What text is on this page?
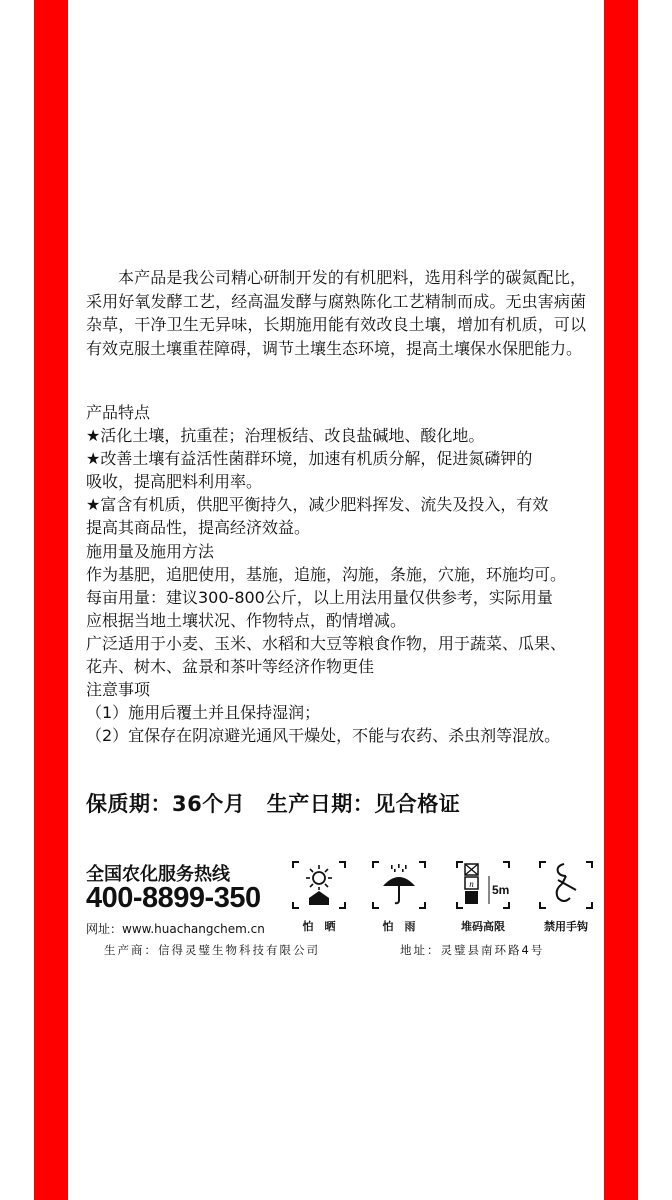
本产品是我公司精心研制开发的有机肥料，选用科学的碳氮配比，采用好氧发酵工艺，经高温发酵与腐熟陈化工艺精制而成。无虫害病菌杂草，干净卫生无异味，长期施用能有效改良土壤，增加有机质，可以有效克服土壤重茬障碍，调节土壤生态环境，提高土壤保水保肥能力。

产品特点
★活化土壤，抗重茬；治理板结、改良盐碱地、酸化地。
★改善土壤有益活性菌群环境，加速有机质分解，促进氮磷钾的
吸收，提高肥料利用率。
★富含有机质，供肥平衡持久，减少肥料挥发、流失及投入，有效
提高其商品性，提高经济效益。
施用量及施用方法
作为基肥，追肥使用，基施，追施，沟施，条施，穴施，环施均可。
每亩用量：建议300-800公斤，以上用法用量仅供参考，实际用量
应根据当地土壤状况、作物特点，酌情增减。
广泛适用于小麦、玉米、水稻和大豆等粮食作物，用于蔬菜、瓜果、
花卉、树木、盆景和茶叶等经济作物更佳
注意事项
（1）施用后覆土并且保持湿润；
（2）宜保存在阴凉避光通风干燥处，不能与农药、杀虫剂等混放。
保质期：36个月　生产日期：见合格证
全国农化服务热线
400-8899-350
网址：www.huachangchem.cn	怕　晒	怕　雨
n 5m
堆码高限	禁用手钩
生产商：信得灵璧生物科技有限公司	地址：灵璧县南环路4号
